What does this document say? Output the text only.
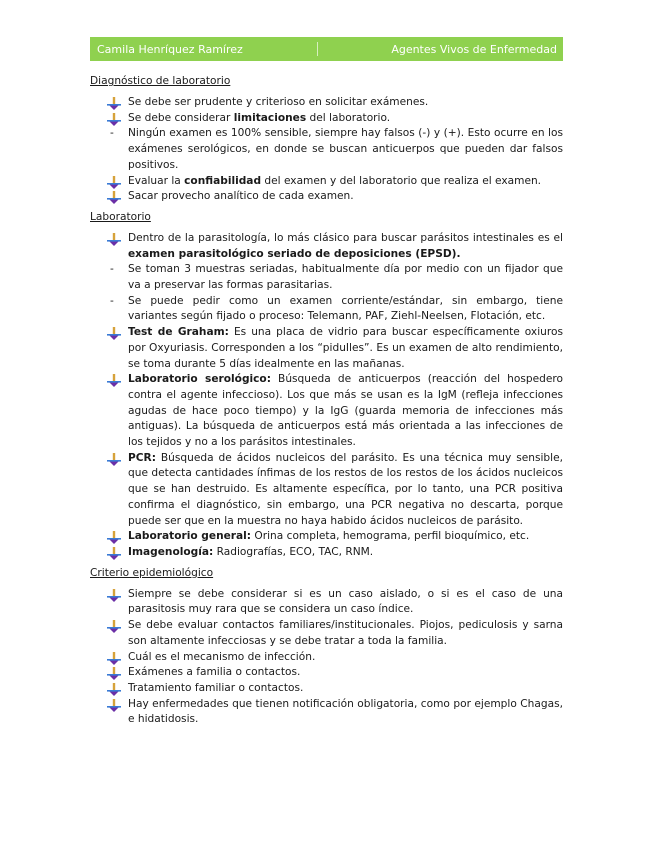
Camila Henríquez Ramírez	Agentes Vivos de Enfermedad
Diagnóstico de laboratorio
Se debe ser prudente y criterioso en solicitar exámenes.
Se debe considerar limitaciones del laboratorio.
- Ningún examen es 100% sensible, siempre hay falsos (-) y (+). Esto ocurre en los exámenes serológicos, en donde se buscan anticuerpos que pueden dar falsos positivos.
Evaluar la confiabilidad del examen y del laboratorio que realiza el examen.
Sacar provecho analítico de cada examen.
Laboratorio
Dentro de la parasitología, lo más clásico para buscar parásitos intestinales es el examen parasitológico seriado de deposiciones (EPSD).
- Se toman 3 muestras seriadas, habitualmente día por medio con un fijador que va a preservar las formas parasitarias.
- Se puede pedir como un examen corriente/estándar, sin embargo, tiene variantes según fijado o proceso: Telemann, PAF, Ziehl-Neelsen, Flotación, etc.
Test de Graham: Es una placa de vidrio para buscar específicamente oxiuros por Oxyuriasis. Corresponden a los “piduIles”. Es un examen de alto rendimiento, se toma durante 5 días idealmente en las mañanas.
Laboratorio serológico: Búsqueda de anticuerpos (reacción del hospedero contra el agente infeccioso). Los que más se usan es la IgM (refleja infecciones agudas de hace poco tiempo) y la IgG (guarda memoria de infecciones más antiguas). La búsqueda de anticuerpos está más orientada a las infecciones de los tejidos y no a los parásitos intestinales.
PCR: Búsqueda de ácidos nucleicos del parásito. Es una técnica muy sensible, que detecta cantidades ínfimas de los restos de los restos de los ácidos nucleicos que se han destruido. Es altamente específica, por lo tanto, una PCR positiva confirma el diagnóstico, sin embargo, una PCR negativa no descarta, porque puede ser que en la muestra no haya habido ácidos nucleicos de parásito.
Laboratorio general: Orina completa, hemograma, perfil bioquímico, etc.
Imagenología: Radiografías, ECO, TAC, RNM.
Criterio epidemiológico
Siempre se debe considerar si es un caso aislado, o si es el caso de una parasitosis muy rara que se considera un caso índice.
Se debe evaluar contactos familiares/institucionales. Piojos, pediculosis y sarna son altamente infecciosas y se debe tratar a toda la familia.
Cuál es el mecanismo de infección.
Exámenes a familia o contactos.
Tratamiento familiar o contactos.
Hay enfermedades que tienen notificación obligatoria, como por ejemplo Chagas, e hidatidosis.
